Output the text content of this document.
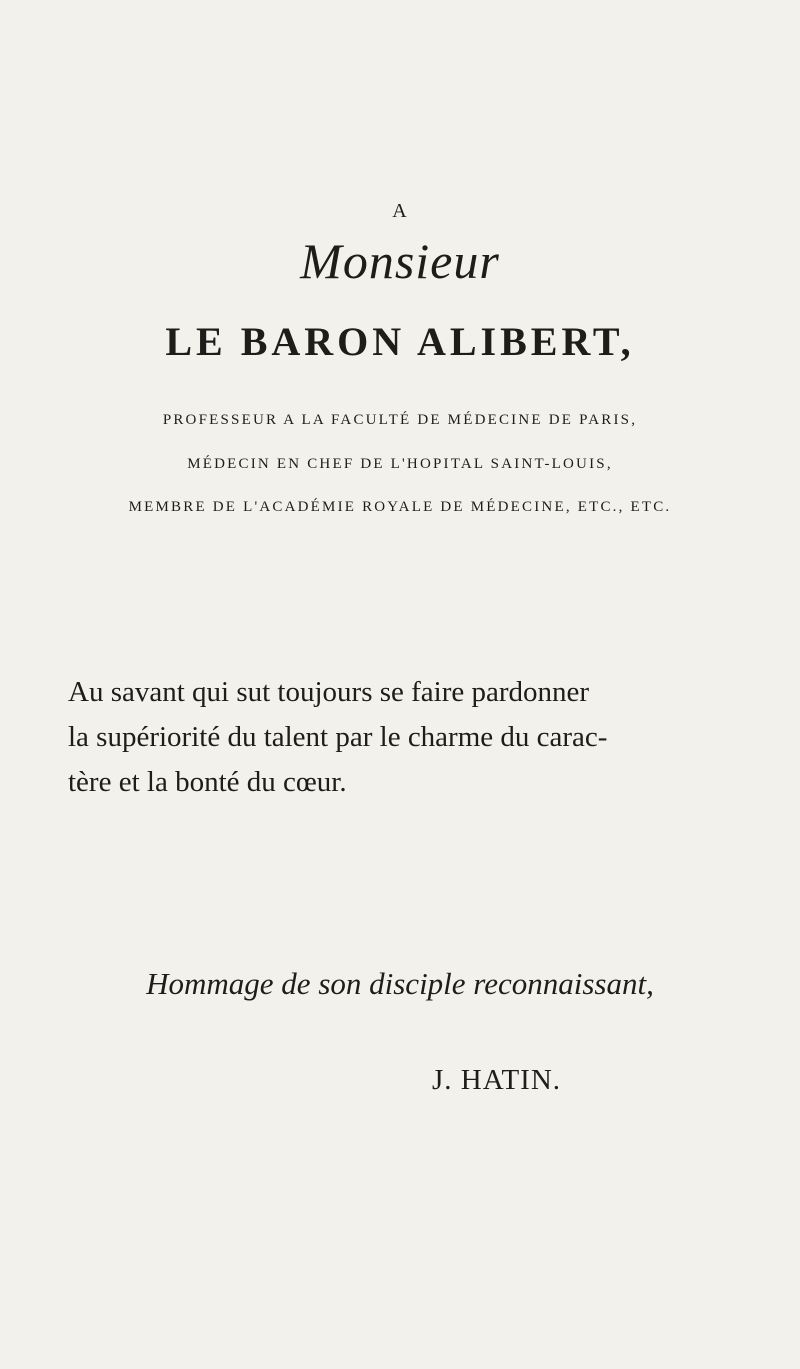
A
Monsieur
LE BARON ALIBERT,
PROFESSEUR A LA FACULTÉ DE MÉDECINE DE PARIS,
MÉDECIN EN CHEF DE L'HOPITAL SAINT-LOUIS,
MEMBRE DE L'ACADÉMIE ROYALE DE MÉDECINE, ETC., ETC.
Au savant qui sut toujours se faire pardonner
la supériorité du talent par le charme du carac-
tère et la bonté du cœur.
Hommage de son disciple reconnaissant,
J. HATIN.
